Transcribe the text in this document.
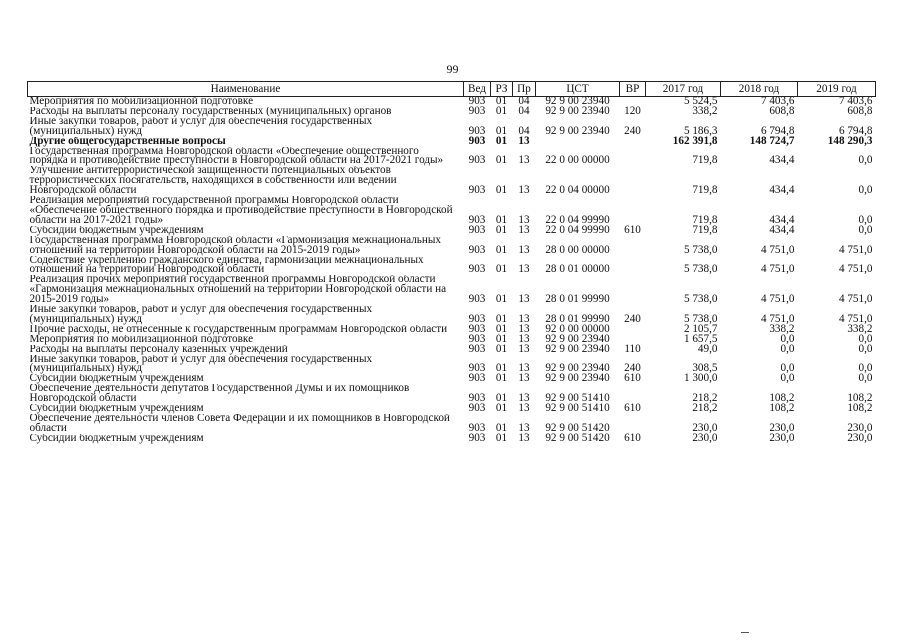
99
Наименование	Вед	РЗ	Пр	ЦСТ	ВР	2017 год	2018 год	2019 год
Мероприятия по мобилизационной подготовке	903	01	04	92 9 00 23940		5 524,5	7 403,6	7 403,6
Расходы на выплаты персоналу государственных (муниципальных) органов	903	01	04	92 9 00 23940	120	338,2	608,8	608,8
Иные закупки товаров, работ и услуг для обеспечения государственных (муниципальных) нужд	903	01	04	92 9 00 23940	240	5 186,3	6 794,8	6 794,8
Другие общегосударственные вопросы	903	01	13			162 391,8	148 724,7	148 290,3
Государственная программа Новгородской области «Обеспечение общественного порядка и противодействие преступности в Новгородской области на 2017-2021 годы»	903	01	13	22 0 00 00000		719,8	434,4	0,0
Улучшение антитеррористической защищенности потенциальных объектов террористических посягательств, находящихся в собственности или ведении Новгородской области	903	01	13	22 0 04 00000		719,8	434,4	0,0
Реализация мероприятий государственной программы Новгородской области «Обеспечение общественного порядка и противодействие преступности в Новгородской области на 2017-2021 годы»	903	01	13	22 0 04 99990		719,8	434,4	0,0
Субсидии бюджетным учреждениям	903	01	13	22 0 04 99990	610	719,8	434,4	0,0
Государственная программа Новгородской области «Гармонизация межнациональных отношений на территории Новгородской области на 2015-2019 годы»	903	01	13	28 0 00 00000		5 738,0	4 751,0	4 751,0
Содействие укреплению гражданского единства, гармонизации межнациональных отношений на территории Новгородской области	903	01	13	28 0 01 00000		5 738,0	4 751,0	4 751,0
Реализация прочих мероприятий государственной программы Новгородской области «Гармонизация межнациональных отношений на территории Новгородской области на 2015-2019 годы»	903	01	13	28 0 01 99990		5 738,0	4 751,0	4 751,0
Иные закупки товаров, работ и услуг для обеспечения государственных (муниципальных) нужд	903	01	13	28 0 01 99990	240	5 738,0	4 751,0	4 751,0
Прочие расходы, не отнесенные к государственным программам Новгородской области	903	01	13	92 0 00 00000		2 105,7	338,2	338,2
Мероприятия по мобилизационной подготовке	903	01	13	92 9 00 23940		1 657,5	0,0	0,0
Расходы на выплаты персоналу казенных учреждений	903	01	13	92 9 00 23940	110	49,0	0,0	0,0
Иные закупки товаров, работ и услуг для обеспечения государственных (муниципальных) нужд	903	01	13	92 9 00 23940	240	308,5	0,0	0,0
Субсидии бюджетным учреждениям	903	01	13	92 9 00 23940	610	1 300,0	0,0	0,0
Обеспечение деятельности депутатов Государственной Думы и их помощников Новгородской области	903	01	13	92 9 00 51410		218,2	108,2	108,2
Субсидии бюджетным учреждениям	903	01	13	92 9 00 51410	610	218,2	108,2	108,2
Обеспечение деятельности членов Совета Федерации и их помощников в Новгородской области	903	01	13	92 9 00 51420		230,0	230,0	230,0
Субсидии бюджетным учреждениям	903	01	13	92 9 00 51420	610	230,0	230,0	230,0
